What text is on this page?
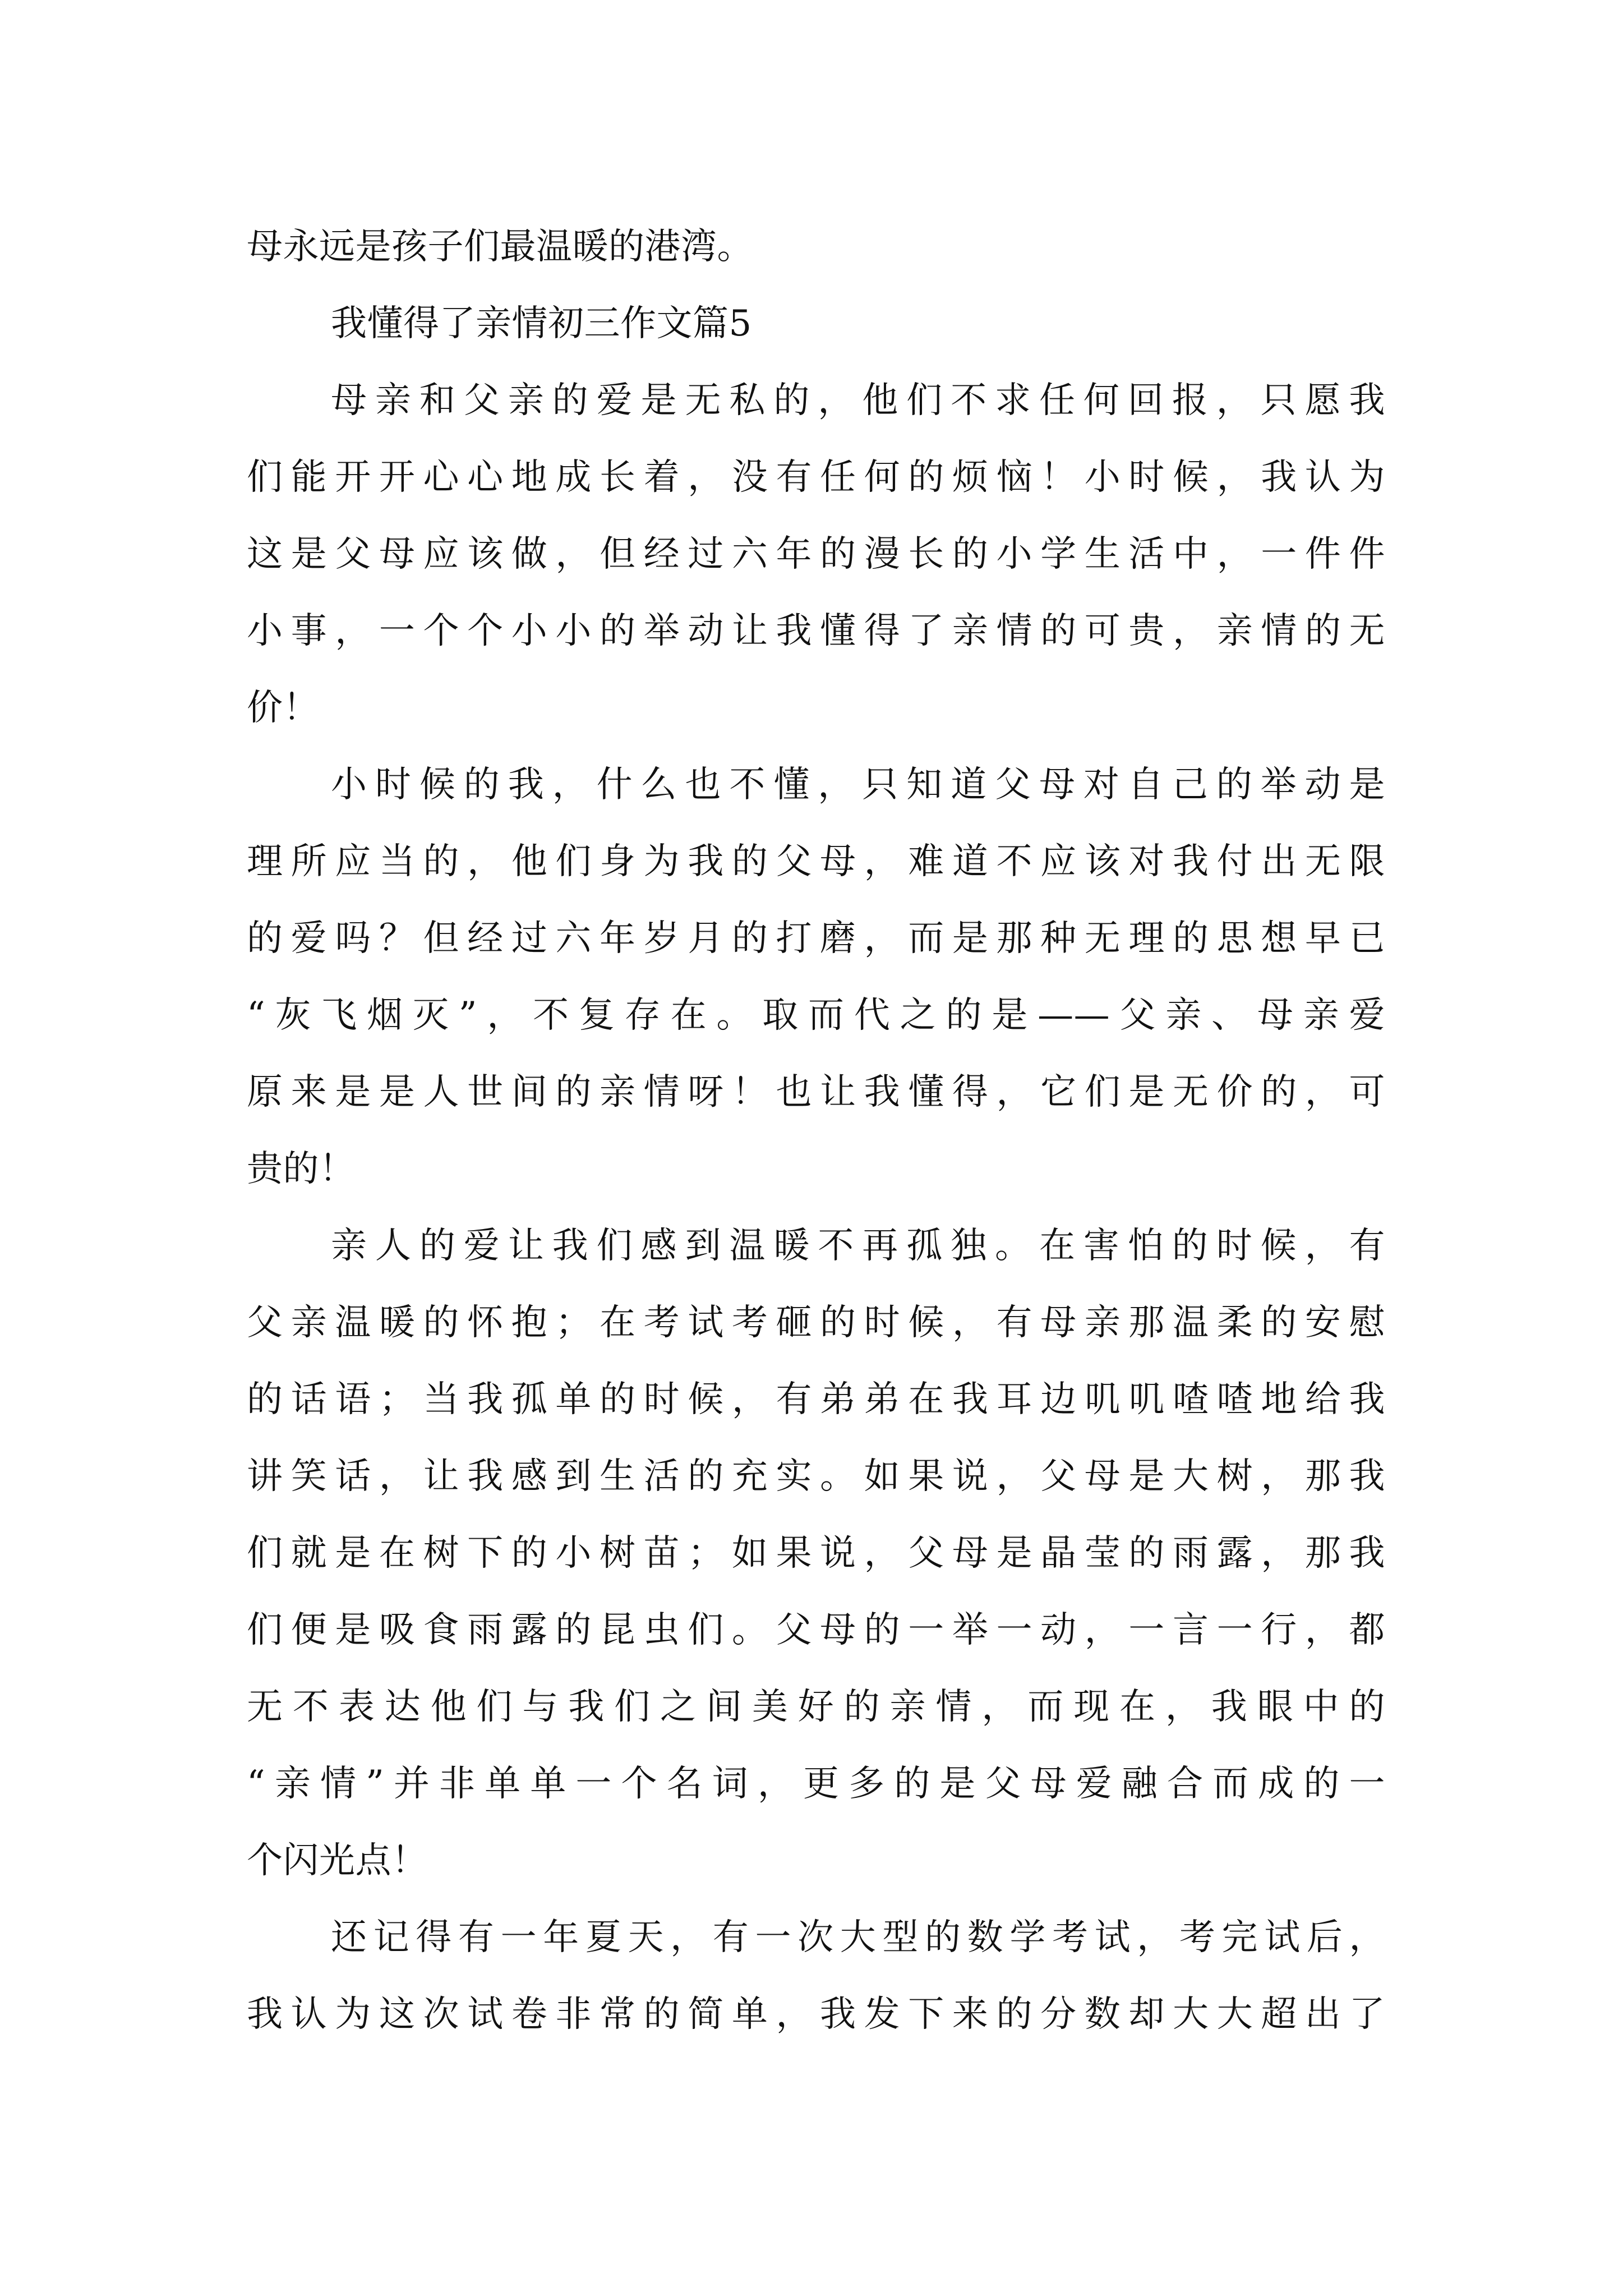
母永远是孩子们最温暖的港湾。
我懂得了亲情初三作文篇5
母亲和父亲的爱是无私的，他们不求任何回报，只愿我
们能开开心心地成长着，没有任何的烦恼！小时候，我认为
这是父母应该做，但经过六年的漫长的小学生活中，一件件
小事，一个个小小的举动让我懂得了亲情的可贵，亲情的无
价！
小时候的我，什么也不懂，只知道父母对自己的举动是
理所应当的，他们身为我的父母，难道不应该对我付出无限
的爱吗？但经过六年岁月的打磨，而是那种无理的思想早已
“灰飞烟灭”，不复存在。取而代之的是——父亲、母亲爱
原来是是人世间的亲情呀！也让我懂得，它们是无价的，可
贵的！
亲人的爱让我们感到温暖不再孤独。在害怕的时候，有
父亲温暖的怀抱；在考试考砸的时候，有母亲那温柔的安慰
的话语；当我孤单的时候，有弟弟在我耳边叽叽喳喳地给我
讲笑话，让我感到生活的充实。如果说，父母是大树，那我
们就是在树下的小树苗；如果说，父母是晶莹的雨露，那我
们便是吸食雨露的昆虫们。父母的一举一动，一言一行，都
无不表达他们与我们之间美好的亲情，而现在，我眼中的
“亲情”并非单单一个名词，更多的是父母爱融合而成的一
个闪光点！
还记得有一年夏天，有一次大型的数学考试，考完试后，
我认为这次试卷非常的简单，我发下来的分数却大大超出了
